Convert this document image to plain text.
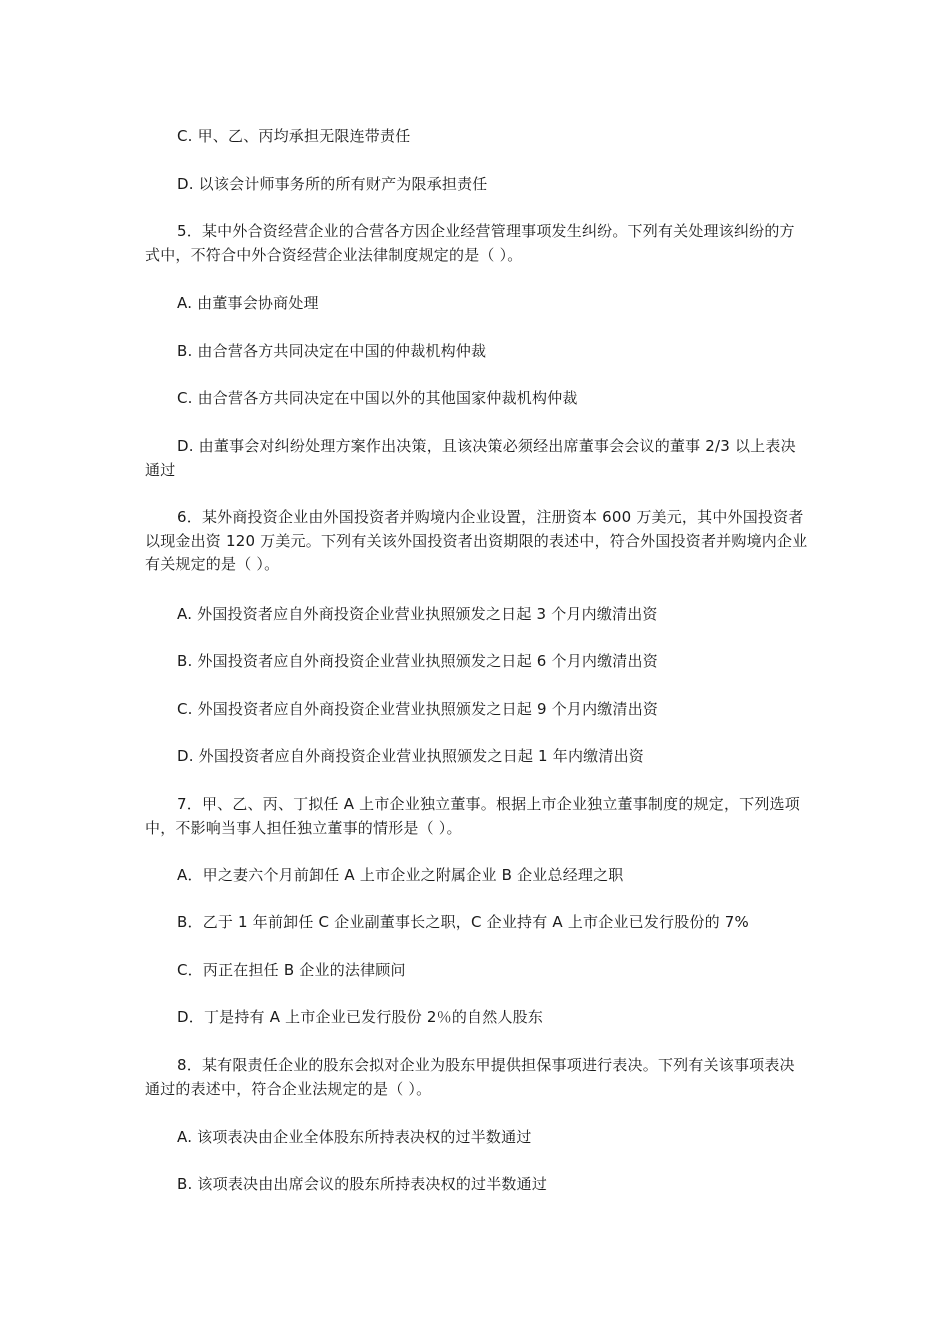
C. 甲、乙、丙均承担无限连带责任

D. 以该会计师事务所的所有财产为限承担责任

5．某中外合资经营企业的合营各方因企业经营管理事项发生纠纷。下列有关处理该纠纷的方式中，不符合中外合资经营企业法律制度规定的是（ ）。

A. 由董事会协商处理

B. 由合营各方共同决定在中国的仲裁机构仲裁

C. 由合营各方共同决定在中国以外的其他国家仲裁机构仲裁

D. 由董事会对纠纷处理方案作出决策，且该决策必须经出席董事会会议的董事 2/3 以上表决通过

6．某外商投资企业由外国投资者并购境内企业设置，注册资本 600 万美元，其中外国投资者以现金出资 120 万美元。下列有关该外国投资者出资期限的表述中，符合外国投资者并购境内企业有关规定的是（ ）。

A. 外国投资者应自外商投资企业营业执照颁发之日起 3 个月内缴清出资

B. 外国投资者应自外商投资企业营业执照颁发之日起 6 个月内缴清出资

C. 外国投资者应自外商投资企业营业执照颁发之日起 9 个月内缴清出资

D. 外国投资者应自外商投资企业营业执照颁发之日起 1 年内缴清出资

7．甲、乙、丙、丁拟任 A 上市企业独立董事。根据上市企业独立董事制度的规定，下列选项中，不影响当事人担任独立董事的情形是（ ）。

A．甲之妻六个月前卸任 A 上市企业之附属企业 B 企业总经理之职

B．乙于 1 年前卸任 C 企业副董事长之职，C 企业持有 A 上市企业已发行股份的 7%

C．丙正在担任 B 企业的法律顾问

D．丁是持有 A 上市企业已发行股份 2％的自然人股东

8．某有限责任企业的股东会拟对企业为股东甲提供担保事项进行表决。下列有关该事项表决通过的表述中，符合企业法规定的是（ ）。

A. 该项表决由企业全体股东所持表决权的过半数通过

B. 该项表决由出席会议的股东所持表决权的过半数通过
